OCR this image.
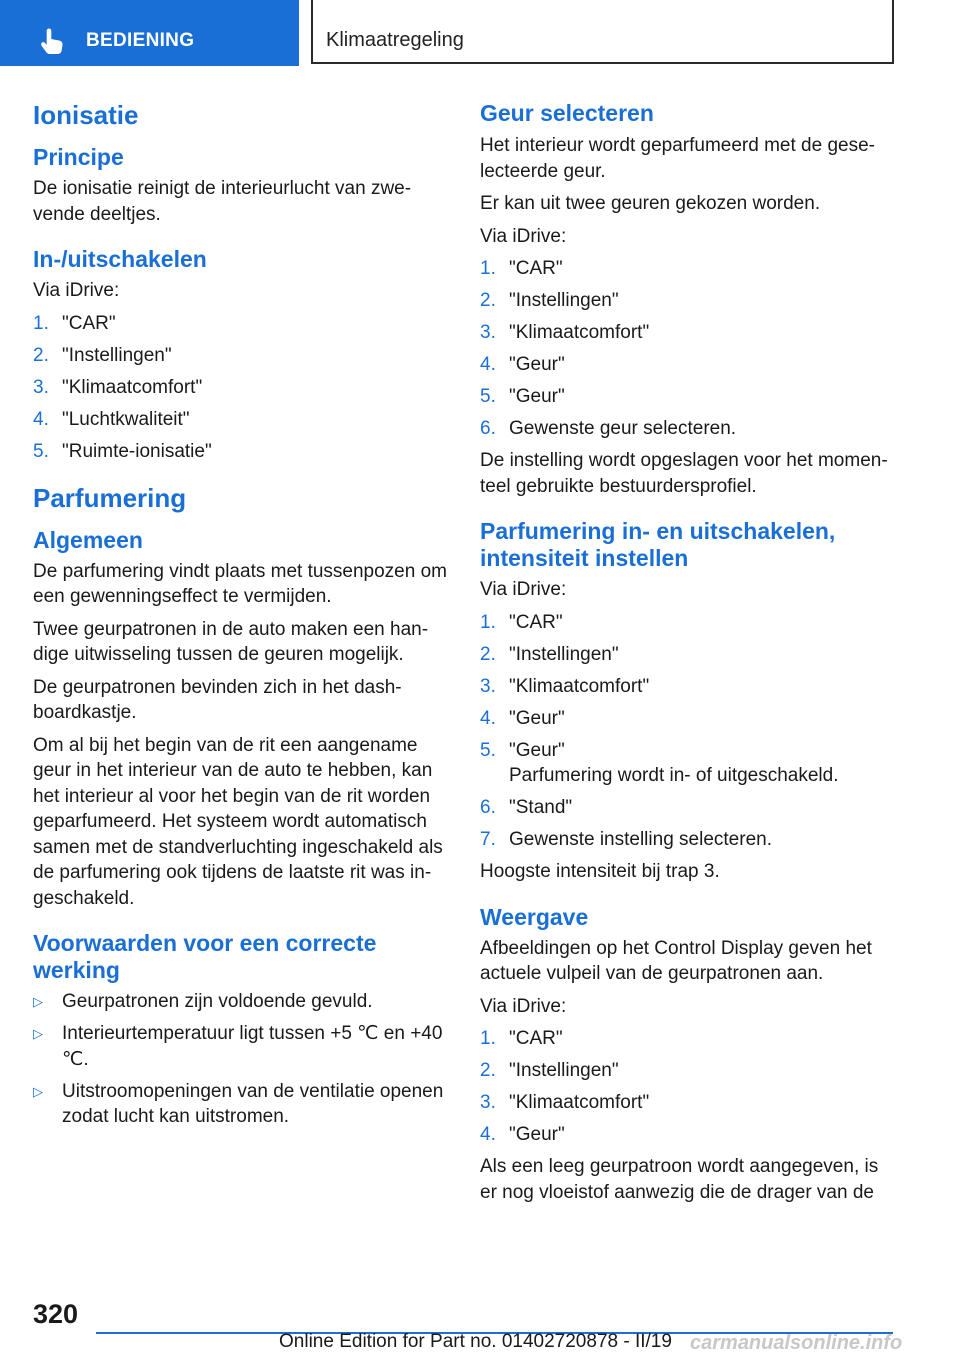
BEDIENING	Klimaatregeling
Ionisatie
Principe

De ionisatie reinigt de interieurlucht van zwe-vende deeltjes.

In-/uitschakelen

Via iDrive:

1. "CAR"
2. "Instellingen"
3. "Klimaatcomfort"
4. "Luchtkwaliteit"
5. "Ruimte-ionisatie"
Parfumering
Algemeen

De parfumering vindt plaats met tussenpozen om een gewenningseffect te vermijden.

Twee geurpatronen in de auto maken een han-dige uitwisseling tussen de geuren mogelijk.

De geurpatronen bevinden zich in het dash-boardkastje.

Om al bij het begin van de rit een aangename geur in het interieur van de auto te hebben, kan het interieur al voor het begin van de rit worden geparfumeerd. Het systeem wordt automatisch samen met de standverluchting ingeschakeld als de parfumering ook tijdens de laatste rit was in-geschakeld.

Voorwaarden voor een correcte werking
▷ Geurpatronen zijn voldoende gevuld.
▷ Interieurtemperatuur ligt tussen +5 ℃ en +40 ℃.
▷ Uitstroomopeningen van de ventilatie openen zodat lucht kan uitstromen.
Geur selecteren

Het interieur wordt geparfumeerd met de gese-lecteerde geur.

Er kan uit twee geuren gekozen worden.

Via iDrive:

1. "CAR"
2. "Instellingen"
3. "Klimaatcomfort"
4. "Geur"
5. "Geur"
6. Gewenste geur selecteren.

De instelling wordt opgeslagen voor het momen-teel gebruikte bestuurdersprofiel.

Parfumering in- en uitschakelen, intensiteit instellen

Via iDrive:

1. "CAR"
2. "Instellingen"
3. "Klimaatcomfort"
4. "Geur"
5. "Geur"
Parfumering wordt in- of uitgeschakeld.
6. "Stand"
7. Gewenste instelling selecteren.

Hoogste intensiteit bij trap 3.

Weergave

Afbeeldingen op het Control Display geven het actuele vulpeil van de geurpatronen aan.

Via iDrive:

1. "CAR"
2. "Instellingen"
3. "Klimaatcomfort"
4. "Geur"

Als een leeg geurpatroon wordt aangegeven, is er nog vloeistof aanwezig die de drager van de

320
Online Edition for Part no. 01402720878 - II/19 carmanualsonline.info
